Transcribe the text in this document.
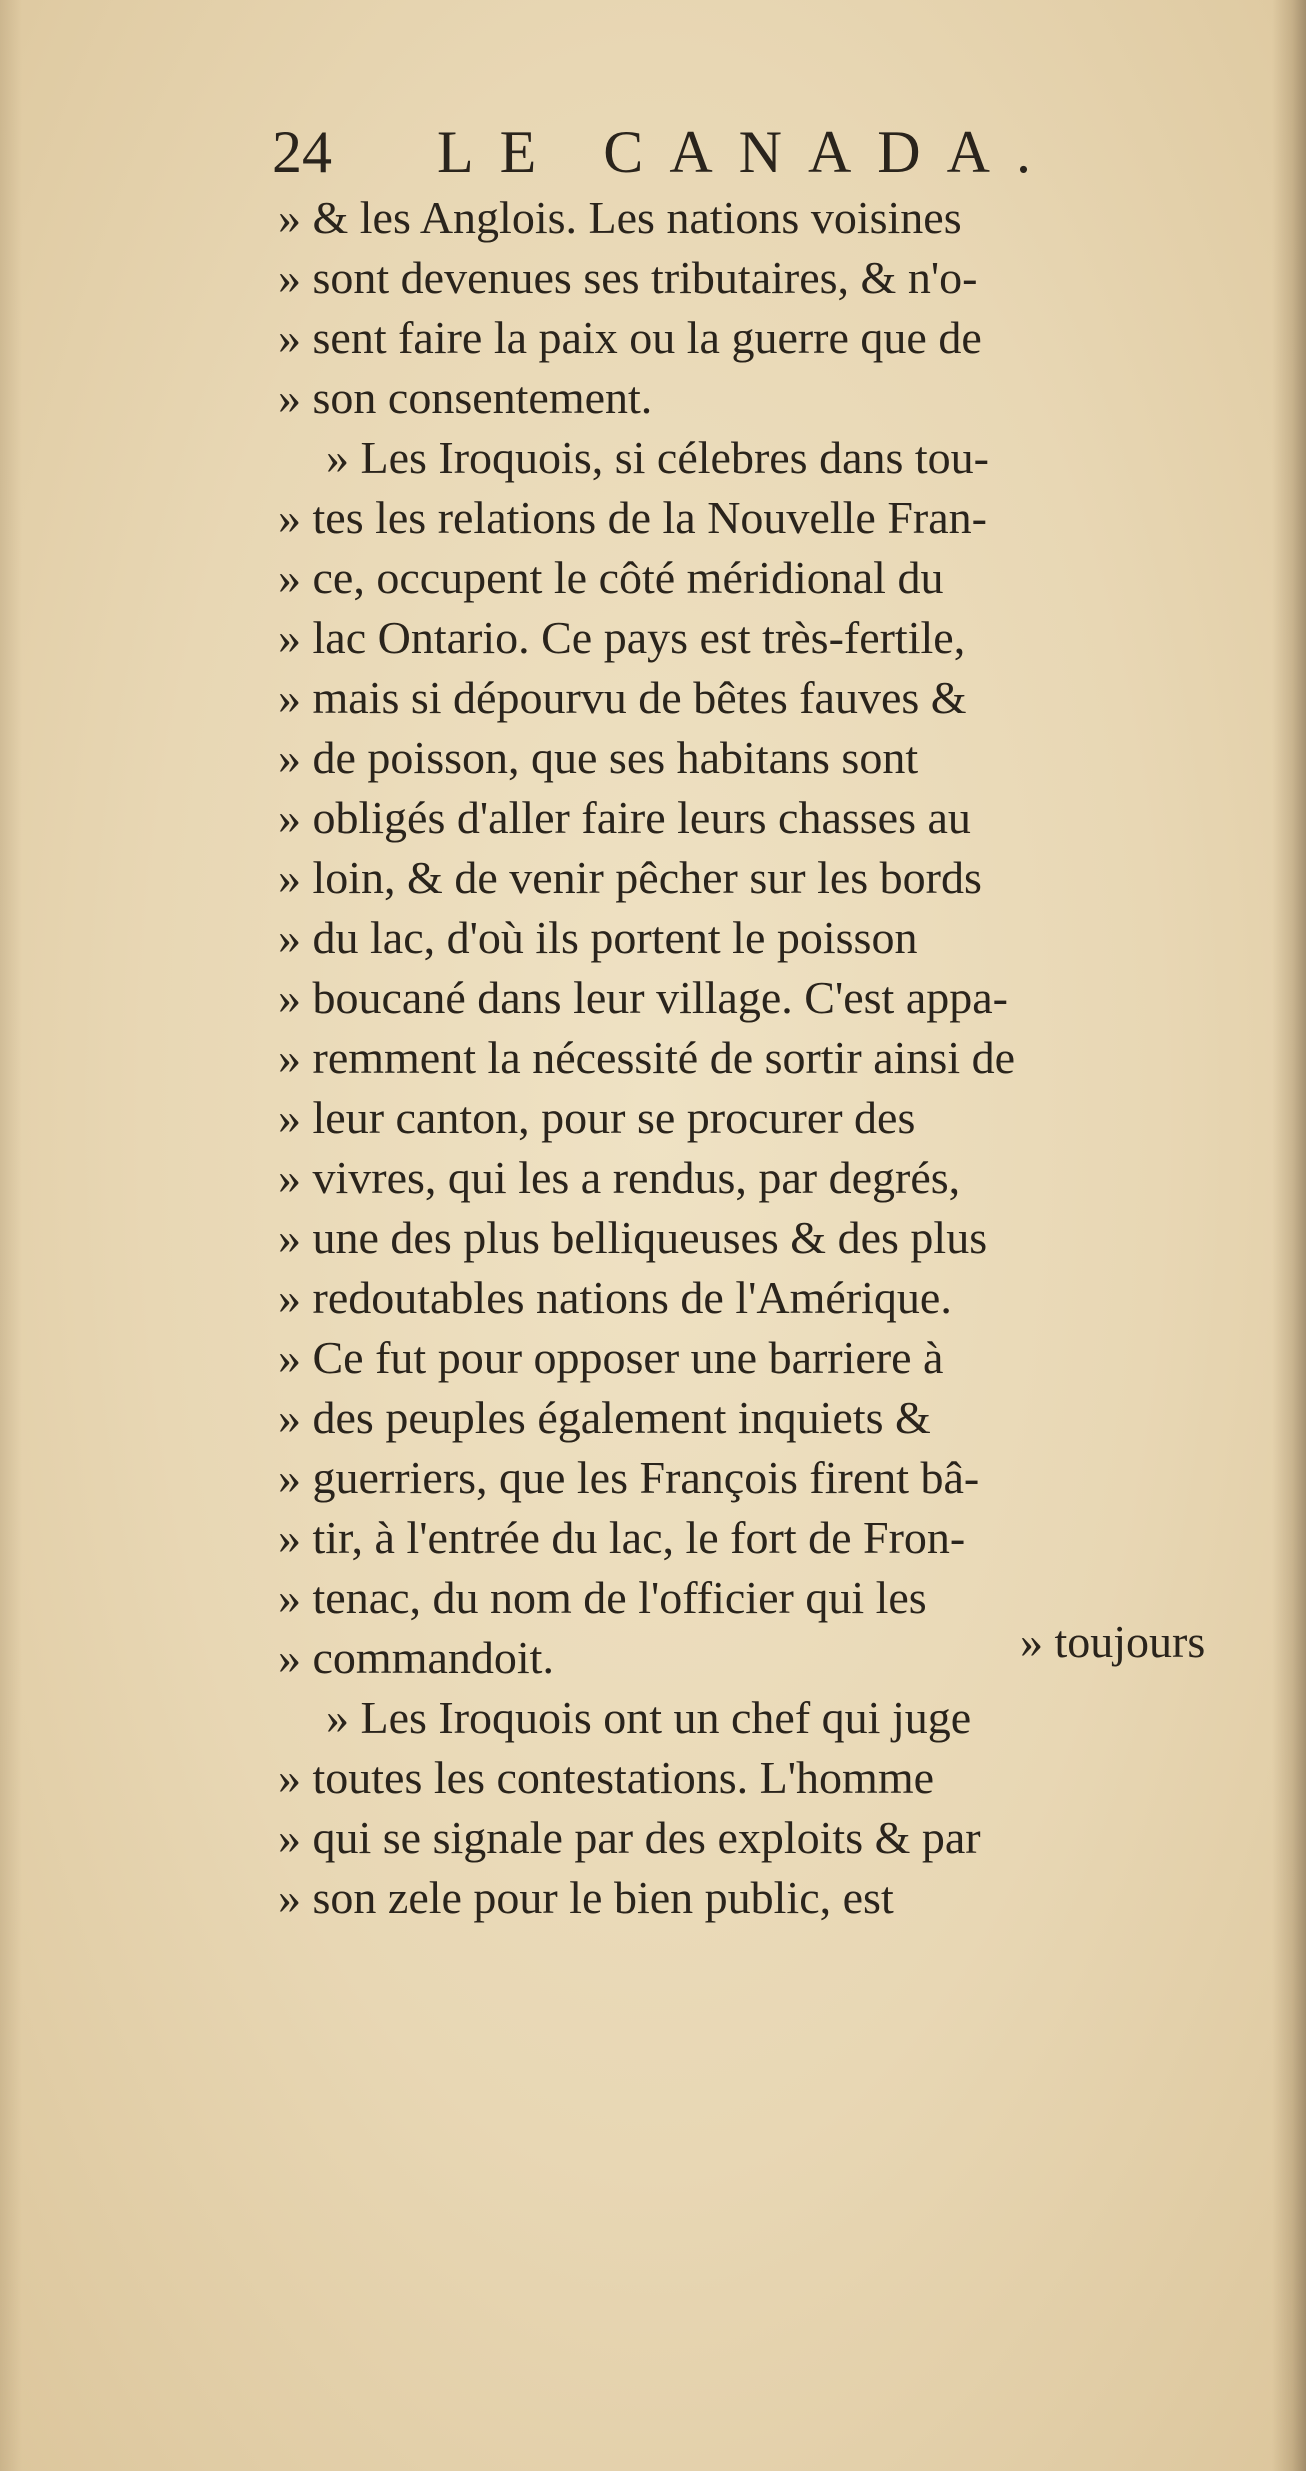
24 LE CANADA.
» & les Anglois. Les nations voisines
» sont devenues ses tributaires, & n'o-
» sent faire la paix ou la guerre que de
» son consentement.
» Les Iroquois, si célebres dans tou-
» tes les relations de la Nouvelle Fran-
» ce, occupent le côté méridional du
» lac Ontario. Ce pays est très-fertile,
» mais si dépourvu de bêtes fauves &
» de poisson, que ses habitans sont
» obligés d'aller faire leurs chasses au
» loin, & de venir pêcher sur les bords
» du lac, d'où ils portent le poisson
» boucané dans leur village. C'est appa-
» remment la nécessité de sortir ainsi de
» leur canton, pour se procurer des
» vivres, qui les a rendus, par degrés,
» une des plus belliqueuses & des plus
» redoutables nations de l'Amérique.
» Ce fut pour opposer une barriere à
» des peuples également inquiets &
» guerriers, que les François firent bâ-
» tir, à l'entrée du lac, le fort de Fron-
» tenac, du nom de l'officier qui les
» commandoit.
» Les Iroquois ont un chef qui juge
» toutes les contestations. L'homme
» qui se signale par des exploits & par
» son zele pour le bien public, est
» toujours
